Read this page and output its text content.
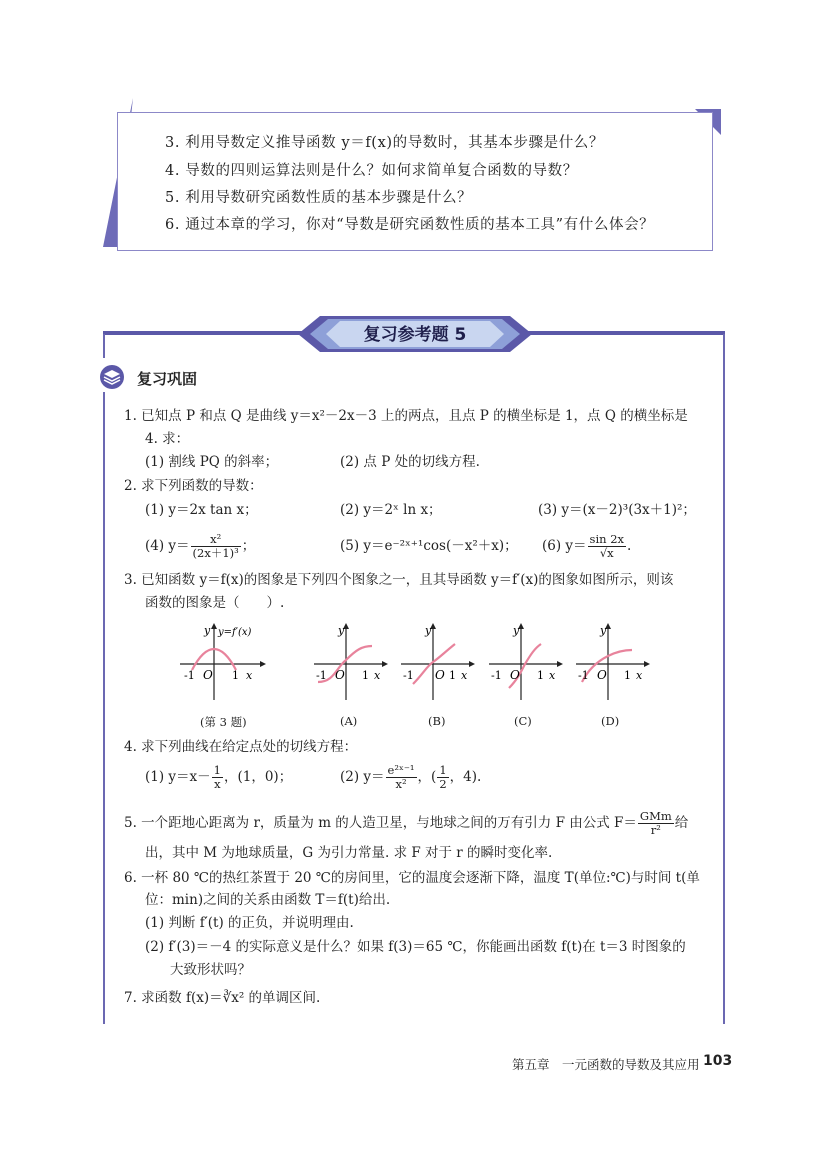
3. 利用导数定义推导函数 y＝f(x)的导数时，其基本步骤是什么？
4. 导数的四则运算法则是什么？如何求简单复合函数的导数？
5. 利用导数研究函数性质的基本步骤是什么？
6. 通过本章的学习，你对“导数是研究函数性质的基本工具”有什么体会？
复习参考题 5
复习巩固
1. 已知点 P 和点 Q 是曲线 y＝x²－2x－3 上的两点，且点 P 的横坐标是 1，点 Q 的横坐标是
4. 求：
(1) 割线 PQ 的斜率；	(2) 点 P 处的切线方程.
2. 求下列函数的导数：
(1) y＝2x tan x；	(2) y＝2ˣ ln x；	(3) y＝(x－2)³(3x＋1)²；
(4) $y= \frac{\text{x²}}{\text{(2x＋1)³}}$ ；	(5) y＝e⁻²ˣ⁺¹cos(－x²＋x)； (6) $y= \frac{\sin 2x}{√x}$ .
3. 已知函数 y＝f(x)的图象是下列四个图象之一，且其导函数 y＝f′(x)的图象如图所示，则该
函数的图象是（　　）.
y y=f′(x)
-1 O 1 x
y
-1 O 1 x
y
-1 O 1 x
y
-1 O 1 x
y
-1 O 1 x
(第 3 题)	(A)	(B)	(C)	(D)
4. 求下列曲线在给定点处的切线方程：
(1) $y=x- \frac{1}{x}$ ，(1，0)；	(2) $y= \frac{\text{e²ˣ⁻¹}}{\text{x²}}$ ，( $\frac{1}{2}$ ，4).
5. 一个距地心距离为 r，质量为 m 的人造卫星，与地球之间的万有引力 F 由公式 $F= \frac{\text{GMm}}{\text{r²}}$ 给
出，其中 M 为地球质量，G 为引力常量. 求 F 对于 r 的瞬时变化率.
6. 一杯 80 ℃的热红茶置于 20 ℃的房间里，它的温度会逐渐下降，温度 T(单位:℃)与时间 t(单
位：min)之间的关系由函数 T＝f(t)给出.
(1) 判断 f′(t) 的正负，并说明理由.
(2) f′(3)＝－4 的实际意义是什么？如果 f(3)＝65 ℃，你能画出函数 f(t)在 t＝3 时图象的
大致形状吗？
7. 求函数 f(x)＝∛x² 的单调区间.
第五章　一元函数的导数及其应用 103
